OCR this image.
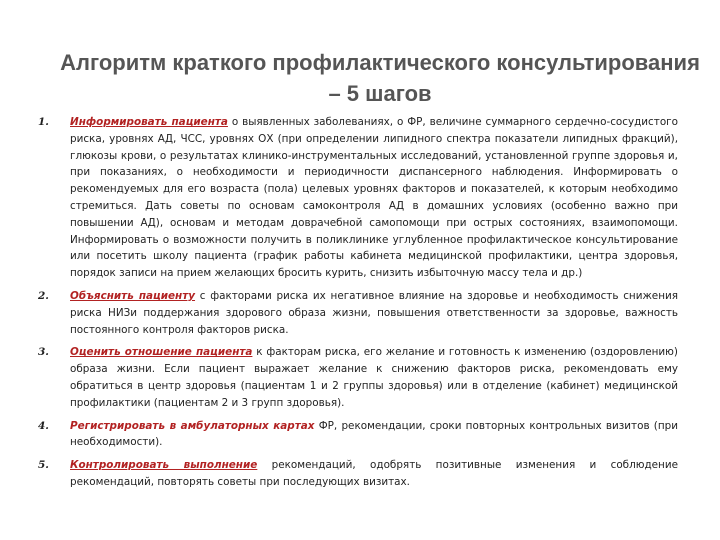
Алгоритм краткого профилактического консультирования – 5 шагов
1. Информировать пациента о выявленных заболеваниях, о ФР, величине суммарного сердечно-сосудистого риска, уровнях АД, ЧСС, уровнях ОХ (при определении липидного спектра показатели липидных фракций), глюкозы крови, о результатах клинико-инструментальных исследований, установленной группе здоровья и, при показаниях, о необходимости и периодичности диспансерного наблюдения. Информировать о рекомендуемых для его возраста (пола) целевых уровнях факторов и показателей, к которым необходимо стремиться. Дать советы по основам самоконтроля АД в домашних условиях (особенно важно при повышении АД), основам и методам доврачебной самопомощи при острых состояниях, взаимопомощи. Информировать о возможности получить в поликлинике углубленное профилактическое консультирование или посетить школу пациента (график работы кабинета медицинской профилактики, центра здоровья, порядок записи на прием желающих бросить курить, снизить избыточную массу тела и др.)
2. Объяснить пациенту с факторами риска их негативное влияние на здоровье и необходимость снижения риска НИЗи поддержания здорового образа жизни, повышения ответственности за здоровье, важность постоянного контроля факторов риска.
3. Оценить отношение пациента к факторам риска, его желание и готовность к изменению (оздоровлению) образа жизни. Если пациент выражает желание к снижению факторов риска, рекомендовать ему обратиться в центр здоровья (пациентам 1 и 2 группы здоровья) или в отделение (кабинет) медицинской профилактики (пациентам 2 и 3 групп здоровья).
4. Регистрировать в амбулаторных картах ФР, рекомендации, сроки повторных контрольных визитов (при необходимости).
5. Контролировать выполнение рекомендаций, одобрять позитивные изменения и соблюдение рекомендаций, повторять советы при последующих визитах.
